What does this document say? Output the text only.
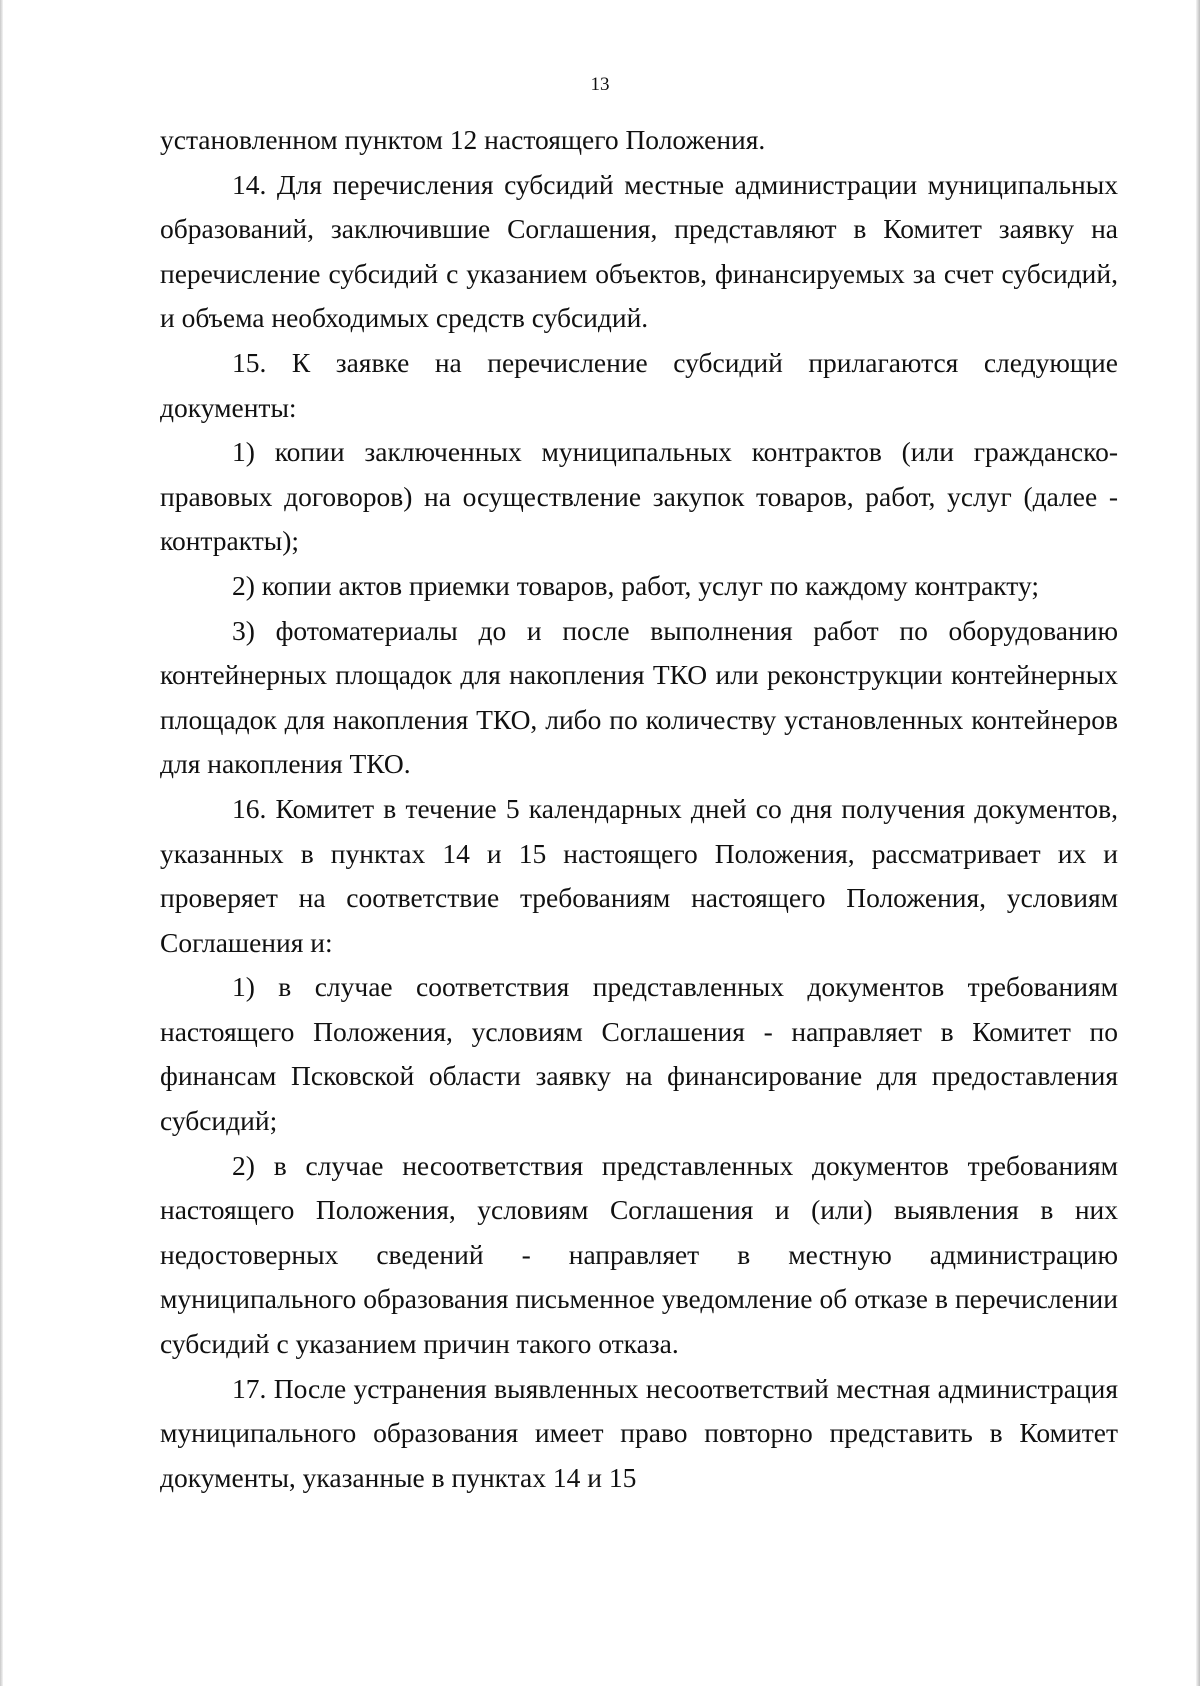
13

установленном пунктом 12 настоящего Положения.

14. Для перечисления субсидий местные администрации муниципальных образований, заключившие Соглашения, представляют в Комитет заявку на перечисление субсидий с указанием объектов, финансируемых за счет субсидий, и объема необходимых средств субсидий.

15. К заявке на перечисление субсидий прилагаются следующие документы:

1) копии заключенных муниципальных контрактов (или гражданско-правовых договоров) на осуществление закупок товаров, работ, услуг (далее - контракты);

2) копии актов приемки товаров, работ, услуг по каждому контракту;

3) фотоматериалы до и после выполнения работ по оборудованию контейнерных площадок для накопления ТКО или реконструкции контейнерных площадок для накопления ТКО, либо по количеству установленных контейнеров для накопления ТКО.

16. Комитет в течение 5 календарных дней со дня получения документов, указанных в пунктах 14 и 15 настоящего Положения, рассматривает их и проверяет на соответствие требованиям настоящего Положения, условиям Соглашения и:

1) в случае соответствия представленных документов требованиям настоящего Положения, условиям Соглашения - направляет в Комитет по финансам Псковской области заявку на финансирование для предоставления субсидий;

2) в случае несоответствия представленных документов требованиям настоящего Положения, условиям Соглашения и (или) выявления в них недостоверных сведений - направляет в местную администрацию муниципального образования письменное уведомление об отказе в перечислении субсидий с указанием причин такого отказа.

17. После устранения выявленных несоответствий местная администрация муниципального образования имеет право повторно представить в Комитет документы, указанные в пунктах 14 и 15
